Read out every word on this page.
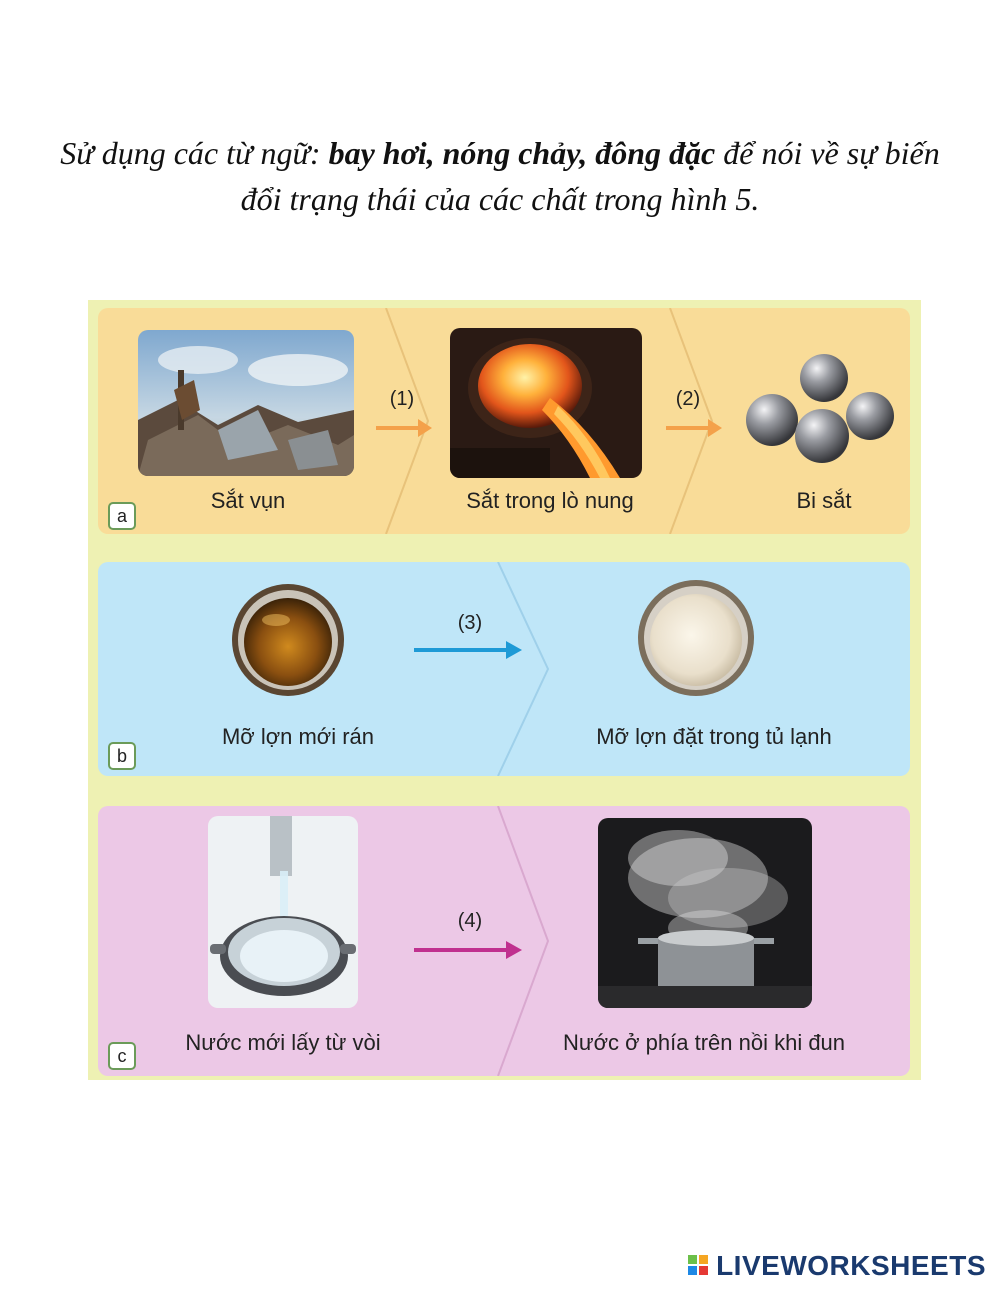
Sử dụng các từ ngữ: bay hơi, nóng chảy, đông đặc để nói về sự biến đổi trạng thái của các chất trong hình 5.
(1)	(2)
Sắt vụn	Sắt trong lò nung	Bi sắt
a
(3)
Mỡ lợn mới rán	Mỡ lợn đặt trong tủ lạnh
b
(4)
Nước mới lấy từ vòi	Nước ở phía trên nồi khi đun
c
LIVEWORKSHEETS
